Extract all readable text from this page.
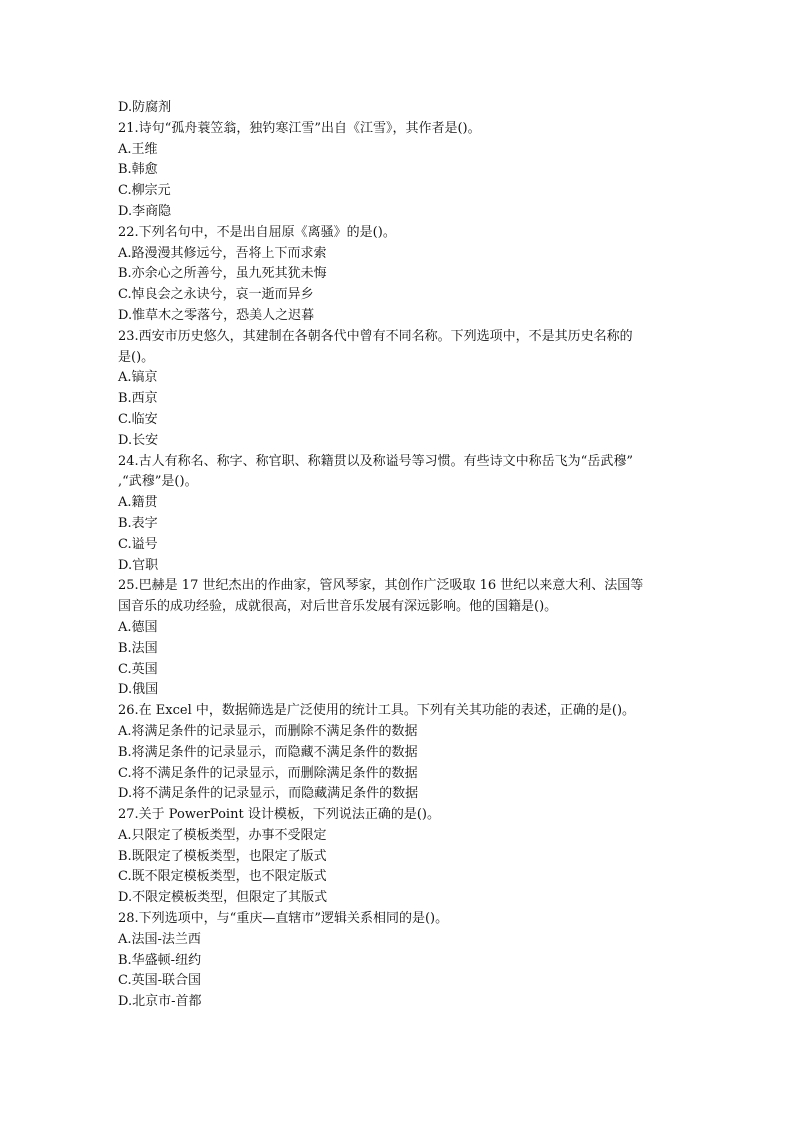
D.防腐剂
21.诗句“孤舟蓑笠翁，独钓寒江雪”出自《江雪》，其作者是()。
A.王维
B.韩愈
C.柳宗元
D.李商隐
22.下列名句中，不是出自屈原《离骚》的是()。
A.路漫漫其修远兮，吾将上下而求索
B.亦余心之所善兮，虽九死其犹未悔
C.悼良会之永诀兮，哀一逝而异乡
D.惟草木之零落兮，恐美人之迟暮
23.西安市历史悠久，其建制在各朝各代中曾有不同名称。下列选项中，不是其历史名称的
是()。
A.镐京
B.西京
C.临安
D.长安
24.古人有称名、称字、称官职、称籍贯以及称谥号等习惯。有些诗文中称岳飞为“岳武穆”
,“武穆”是()。
A.籍贯
B.表字
C.谥号
D.官职
25.巴赫是 17 世纪杰出的作曲家，管风琴家，其创作广泛吸取 16 世纪以来意大利、法国等
国音乐的成功经验，成就很高，对后世音乐发展有深远影响。他的国籍是()。
A.德国
B.法国
C.英国
D.俄国
26.在 Excel 中，数据筛选是广泛使用的统计工具。下列有关其功能的表述，正确的是()。
A.将满足条件的记录显示，而删除不满足条件的数据
B.将满足条件的记录显示，而隐藏不满足条件的数据
C.将不满足条件的记录显示，而删除满足条件的数据
D.将不满足条件的记录显示，而隐藏满足条件的数据
27.关于 PowerPoint 设计模板，下列说法正确的是()。
A.只限定了模板类型，办事不受限定
B.既限定了模板类型，也限定了版式
C.既不限定模板类型，也不限定版式
D.不限定模板类型，但限定了其版式
28.下列选项中，与“重庆—直辖市”逻辑关系相同的是()。
A.法国-法兰西
B.华盛顿-纽约
C.英国-联合国
D.北京市-首都
